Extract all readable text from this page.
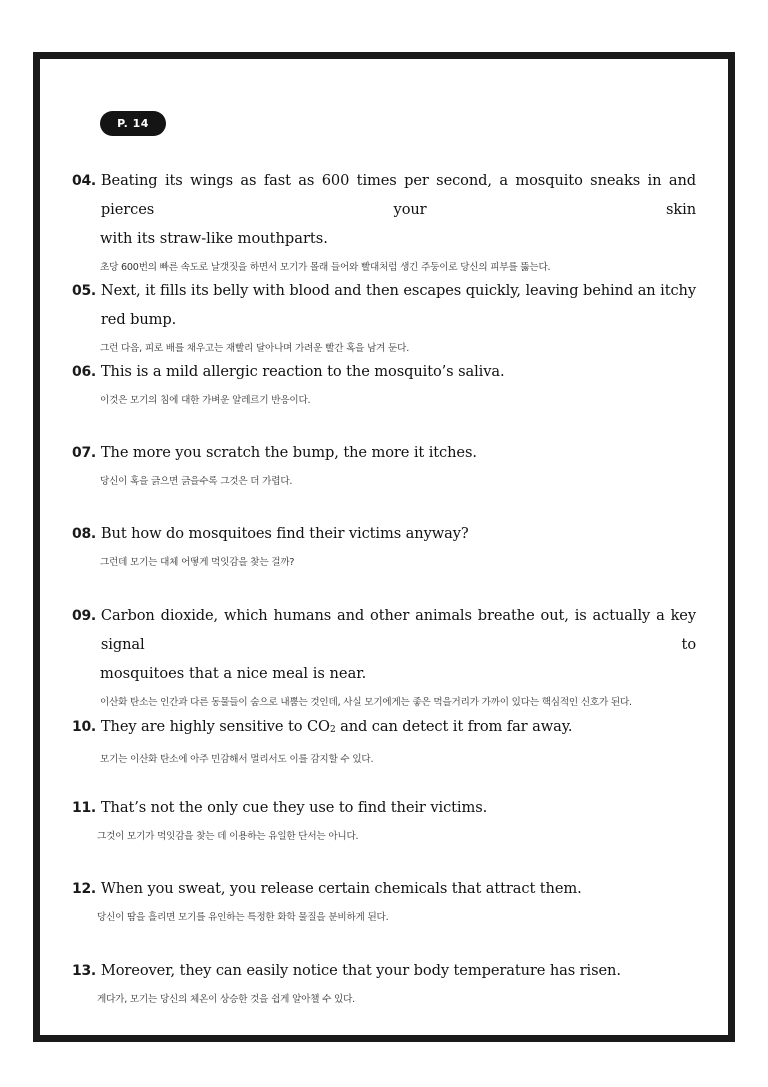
P. 14
04. Beating its wings as fast as 600 times per second, a mosquito sneaks in and pierces your skin
with its straw-like mouthparts.
초당 600번의 빠른 속도로 날갯짓을 하면서 모기가 몰래 들어와 빨대처럼 생긴 주둥이로 당신의 피부를 뚫는다.
05. Next, it fills its belly with blood and then escapes quickly, leaving behind an itchy red bump.
그런 다음, 피로 배를 채우고는 재빨리 달아나며 가려운 빨간 혹을 남겨 둔다.
06. This is a mild allergic reaction to the mosquito’s saliva.
이것은 모기의 침에 대한 가벼운 알레르기 반응이다.
07. The more you scratch the bump, the more it itches.
당신이 혹을 긁으면 긁을수록 그것은 더 가렵다.
08. But how do mosquitoes find their victims anyway?
그런데 모기는 대체 어떻게 먹잇감을 찾는 걸까?
09. Carbon dioxide, which humans and other animals breathe out, is actually a key signal to
mosquitoes that a nice meal is near.
이산화 탄소는 인간과 다른 동물들이 숨으로 내뿜는 것인데, 사실 모기에게는 좋은 먹을거리가 가까이 있다는 핵심적인 신호가 된다.
10. They are highly sensitive to $CO_2$ and can detect it from far away.
모기는 이산화 탄소에 아주 민감해서 멀리서도 이를 감지할 수 있다.
11. That’s not the only cue they use to find their victims.
그것이 모기가 먹잇감을 찾는 데 이용하는 유일한 단서는 아니다.
12. When you sweat, you release certain chemicals that attract them.
당신이 땀을 흘리면 모기를 유인하는 특정한 화학 물질을 분비하게 된다.
13. Moreover, they can easily notice that your body temperature has risen.
게다가, 모기는 당신의 체온이 상승한 것을 쉽게 알아챌 수 있다.
